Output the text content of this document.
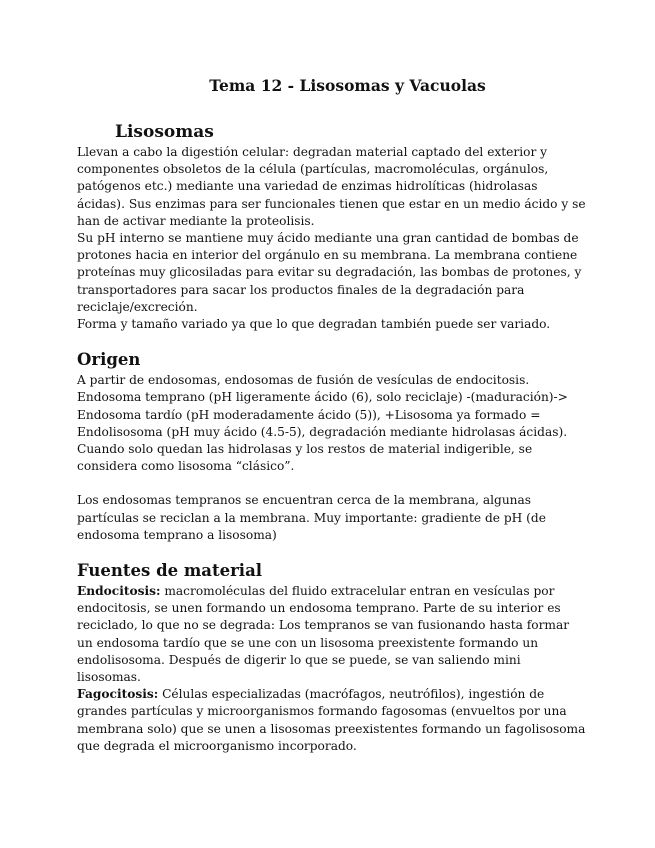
Tema 12 - Lisosomas y Vacuolas
Lisosomas

Llevan a cabo la digestión celular: degradan material captado del exterior y componentes obsoletos de la célula (partículas, macromoléculas, orgánulos, patógenos etc.) mediante una variedad de enzimas hidrolíticas (hidrolasas ácidas). Sus enzimas para ser funcionales tienen que estar en un medio ácido y se han de activar mediante la proteolisis.

Su pH interno se mantiene muy ácido mediante una gran cantidad de bombas de protones hacia en interior del orgánulo en su membrana. La membrana contiene proteínas muy glicosiladas para evitar su degradación, las bombas de protones, y transportadores para sacar los productos finales de la degradación para reciclaje/excreción.

Forma y tamaño variado ya que lo que degradan también puede ser variado.

Origen

A partir de endosomas, endosomas de fusión de vesículas de endocitosis.

Endosoma temprano (pH ligeramente ácido (6), solo reciclaje) -(maduración)-> Endosoma tardío (pH moderadamente ácido (5)), +Lisosoma ya formado = Endolisosoma (pH muy ácido (4.5-5), degradación mediante hidrolasas ácidas). Cuando solo quedan las hidrolasas y los restos de material indigerible, se considera como lisosoma “clásico”.

Los endosomas tempranos se encuentran cerca de la membrana, algunas partículas se reciclan a la membrana. Muy importante: gradiente de pH (de endosoma temprano a lisosoma)

Fuentes de material

Endocitosis: macromoléculas del fluido extracelular entran en vesículas por endocitosis, se unen formando un endosoma temprano. Parte de su interior es reciclado, lo que no se degrada: Los tempranos se van fusionando hasta formar un endosoma tardío que se une con un lisosoma preexistente formando un endolisosoma. Después de digerir lo que se puede, se van saliendo mini lisosomas.

Fagocitosis: Células especializadas (macrófagos, neutrófilos), ingestión de grandes partículas y microorganismos formando fagosomas (envueltos por una membrana solo) que se unen a lisosomas preexistentes formando un fagolisosoma que degrada el microorganismo incorporado.
